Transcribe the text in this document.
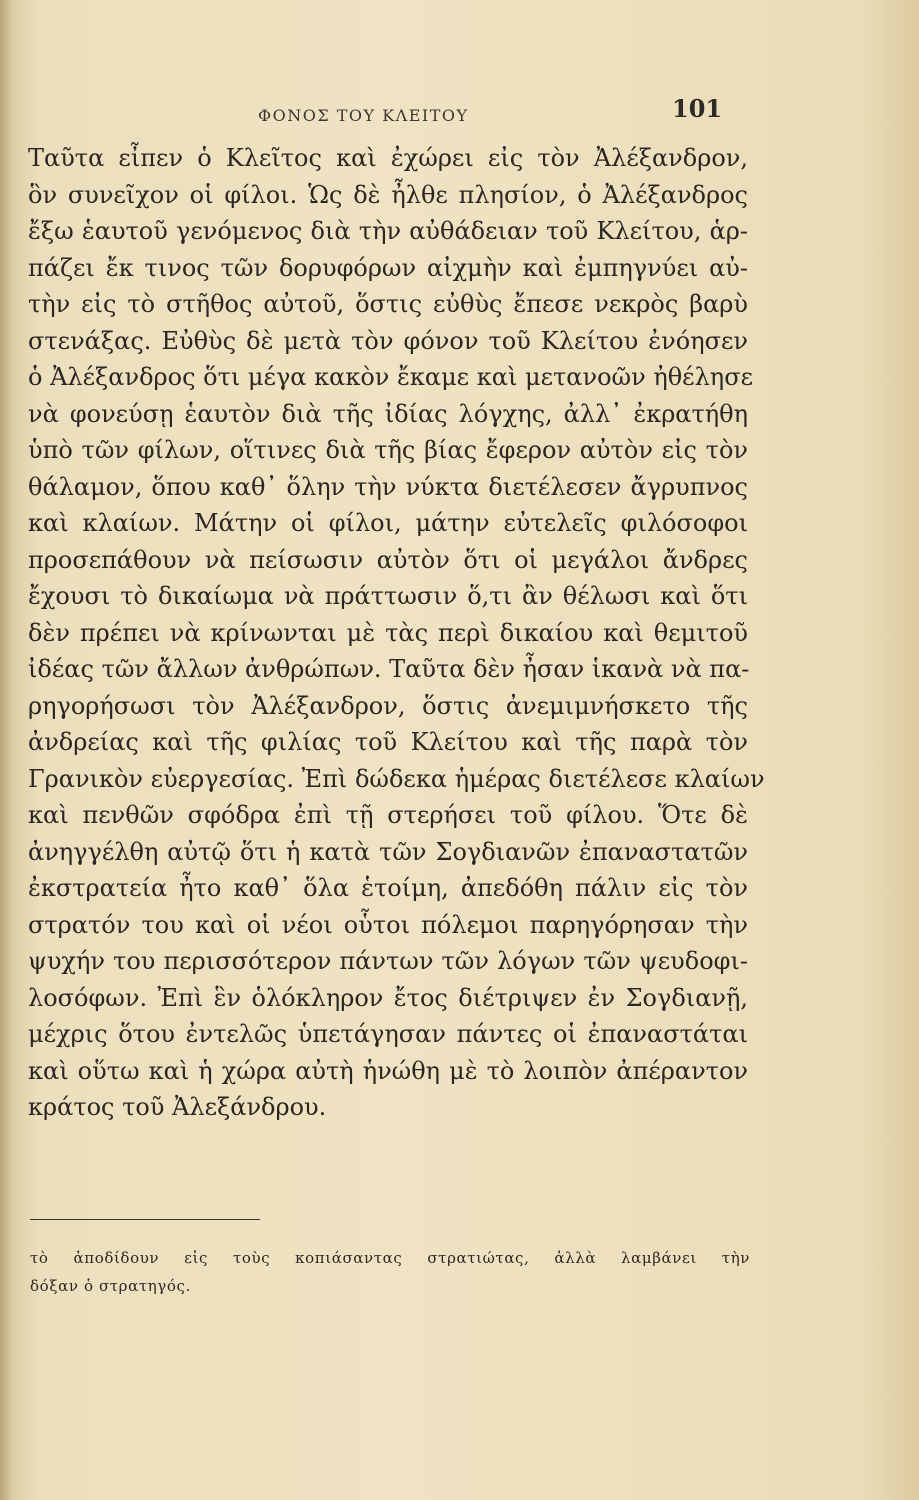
ΦΟΝΟΣ ΤΟΥ ΚΛΕΙΤΟΥ	101
Ταῦτα εἶπεν ὁ Κλεῖτος καὶ ἐχώρει εἰς τὸν Ἀλέξανδρον,
ὃν συνεῖχον οἱ φίλοι. Ὡς δὲ ἦλθε πλησίον, ὁ Ἀλέξανδρος
ἔξω ἑαυτοῦ γενόμενος διὰ τὴν αὐθάδειαν τοῦ Κλείτου, ἁρ-
πάζει ἔκ τινος τῶν δορυφόρων αἰχμὴν καὶ ἐμπηγνύει αὐ-
τὴν εἰς τὸ στῆθος αὐτοῦ, ὅστις εὐθὺς ἔπεσε νεκρὸς βαρὺ
στενάξας. Εὐθὺς δὲ μετὰ τὸν φόνον τοῦ Κλείτου ἐνόησεν
ὁ Ἀλέξανδρος ὅτι μέγα κακὸν ἔκαμε καὶ μετανοῶν ἠθέλησε
νὰ φονεύσῃ ἑαυτὸν διὰ τῆς ἰδίας λόγχης, ἀλλ᾽ ἐκρατήθη
ὑπὸ τῶν φίλων, οἵτινες διὰ τῆς βίας ἔφερον αὐτὸν εἰς τὸν
θάλαμον, ὅπου καθ᾽ ὅλην τὴν νύκτα διετέλεσεν ἄγρυπνος
καὶ κλαίων. Μάτην οἱ φίλοι, μάτην εὐτελεῖς φιλόσοφοι
προσεπάθουν νὰ πείσωσιν αὐτὸν ὅτι οἱ μεγάλοι ἄνδρες
ἔχουσι τὸ δικαίωμα νὰ πράττωσιν ὅ,τι ἂν θέλωσι καὶ ὅτι
δὲν πρέπει νὰ κρίνωνται μὲ τὰς περὶ δικαίου καὶ θεμιτοῦ
ἰδέας τῶν ἄλλων ἀνθρώπων. Ταῦτα δὲν ἦσαν ἱκανὰ νὰ πα-
ρηγορήσωσι τὸν Ἀλέξανδρον, ὅστις ἀνεμιμνήσκετο τῆς
ἀνδρείας καὶ τῆς φιλίας τοῦ Κλείτου καὶ τῆς παρὰ τὸν
Γρανικὸν εὐεργεσίας. Ἐπὶ δώδεκα ἡμέρας διετέλεσε κλαίων
καὶ πενθῶν σφόδρα ἐπὶ τῇ στερήσει τοῦ φίλου. Ὅτε δὲ
ἀνηγγέλθη αὐτῷ ὅτι ἡ κατὰ τῶν Σογδιανῶν ἐπαναστατῶν
ἐκστρατεία ἦτο καθ᾽ ὅλα ἑτοίμη, ἀπεδόθη πάλιν εἰς τὸν
στρατόν του καὶ οἱ νέοι οὗτοι πόλεμοι παρηγόρησαν τὴν
ψυχήν του περισσότερον πάντων τῶν λόγων τῶν ψευδοφι-
λοσόφων. Ἐπὶ ἓν ὁλόκληρον ἔτος διέτριψεν ἐν Σογδιανῇ,
μέχρις ὅτου ἐντελῶς ὑπετάγησαν πάντες οἱ ἐπαναστάται
καὶ οὕτω καὶ ἡ χώρα αὐτὴ ἡνώθη μὲ τὸ λοιπὸν ἀπέραντον
κράτος τοῦ Ἀλεξάνδρου.
τὸ ἀποδίδουν εἰς τοὺς κοπιάσαντας στρατιώτας, ἀλλὰ λαμβάνει τὴν
δόξαν ὁ στρατηγός.
